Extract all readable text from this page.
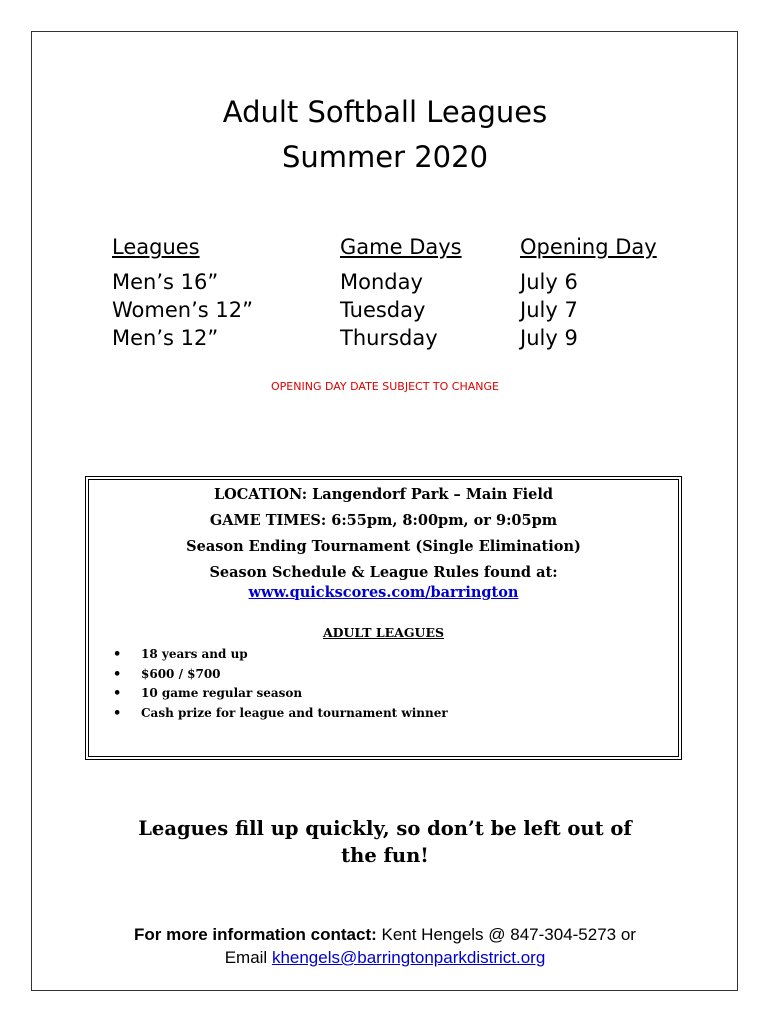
Adult Softball Leagues
Summer 2020
Leagues
Men’s 16”
Women’s 12”
Men’s 12”
Game Days
Monday
Tuesday
Thursday
Opening Day
July 6
July 7
July 9
OPENING DAY DATE SUBJECT TO CHANGE
LOCATION: Langendorf Park – Main Field
GAME TIMES: 6:55pm, 8:00pm, or 9:05pm
Season Ending Tournament (Single Elimination)
Season Schedule & League Rules found at:
www.quickscores.com/barrington
ADULT LEAGUES
• 18 years and up
• $600 / $700
• 10 game regular season
• Cash prize for league and tournament winner
Leagues fill up quickly, so don’t be left out of
the fun!
For more information contact: Kent Hengels @ 847-304-5273 or
Email khengels@barringtonparkdistrict.org
